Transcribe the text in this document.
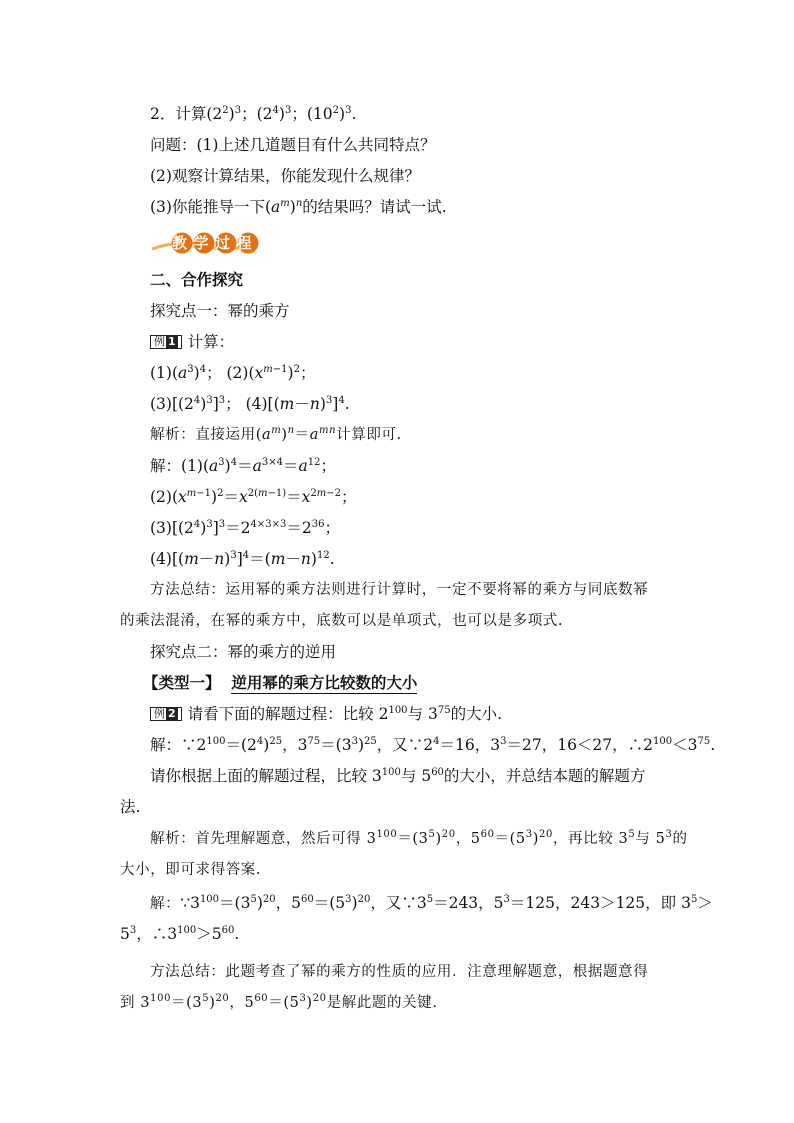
2．计算$(2^2)^3$；$(2^4)^3$；$(10^2)^3$.
问题：(1)上述几道题目有什么共同特点？
(2)观察计算结果，你能发现什么规律？
(3)你能推导一下$(a^m)^n$的结果吗？请试一试.
教学过程
二、合作探究
探究点一：幂的乘方
例 1 计算：
$(1)(a^3)^4$； $(2)(x^{m-1})^2$；
$(3)[(2^4)^3]^3$； $(4)[(m-n)^3]^4$.
解析：直接运用$(a^m)^n=a^{mn}$计算即可.
解：$(1)(a^3)^4=a^{3\times 4}=a^{12}$；
$(2)(x^{m-1})^2=x^{2(m-1)}=x^{2m-2}$；
$(3)[(2^4)^3]^3=2^{4\times 3\times 3}=2^{36}$；
$(4)[(m-n)^3]^4=(m-n)^{12}$.
方法总结：运用幂的乘方法则进行计算时，一定不要将幂的乘方与同底数幂
的乘法混淆，在幂的乘方中，底数可以是单项式，也可以是多项式.
探究点二：幂的乘方的逆用
【类型一】 逆用幂的乘方比较数的大小
例 2 请看下面的解题过程：比较 $2^{100}$与 $3^{75}$的大小.
解：$\because 2^{100}=(2^4)^{25}$，$3^{75}=(3^3)^{25}$，又$\because 2^4=16$，$3^3=27$，16＜27，$\therefore 2^{100}<3^{75}$.
请你根据上面的解题过程，比较 $3^{100}$与 $5^{60}$的大小，并总结本题的解题方
法.
解析：首先理解题意，然后可得 $3^{100}=(3^5)^{20}$，$5^{60}=(5^3)^{20}$，再比较 $3^5$与 $5^3$的
大小，即可求得答案.
解：$\because 3^{100}=(3^5)^{20}$，$5^{60}=(5^3)^{20}$，又$\because 3^5=243$，$5^3=125$，243＞125，即 $3^5>$
$5^3$，$\therefore 3^{100}>5^{60}$.
方法总结：此题考查了幂的乘方的性质的应用．注意理解题意，根据题意得
到 $3^{100}=(3^5)^{20}$，$5^{60}=(5^3)^{20}$是解此题的关键.
